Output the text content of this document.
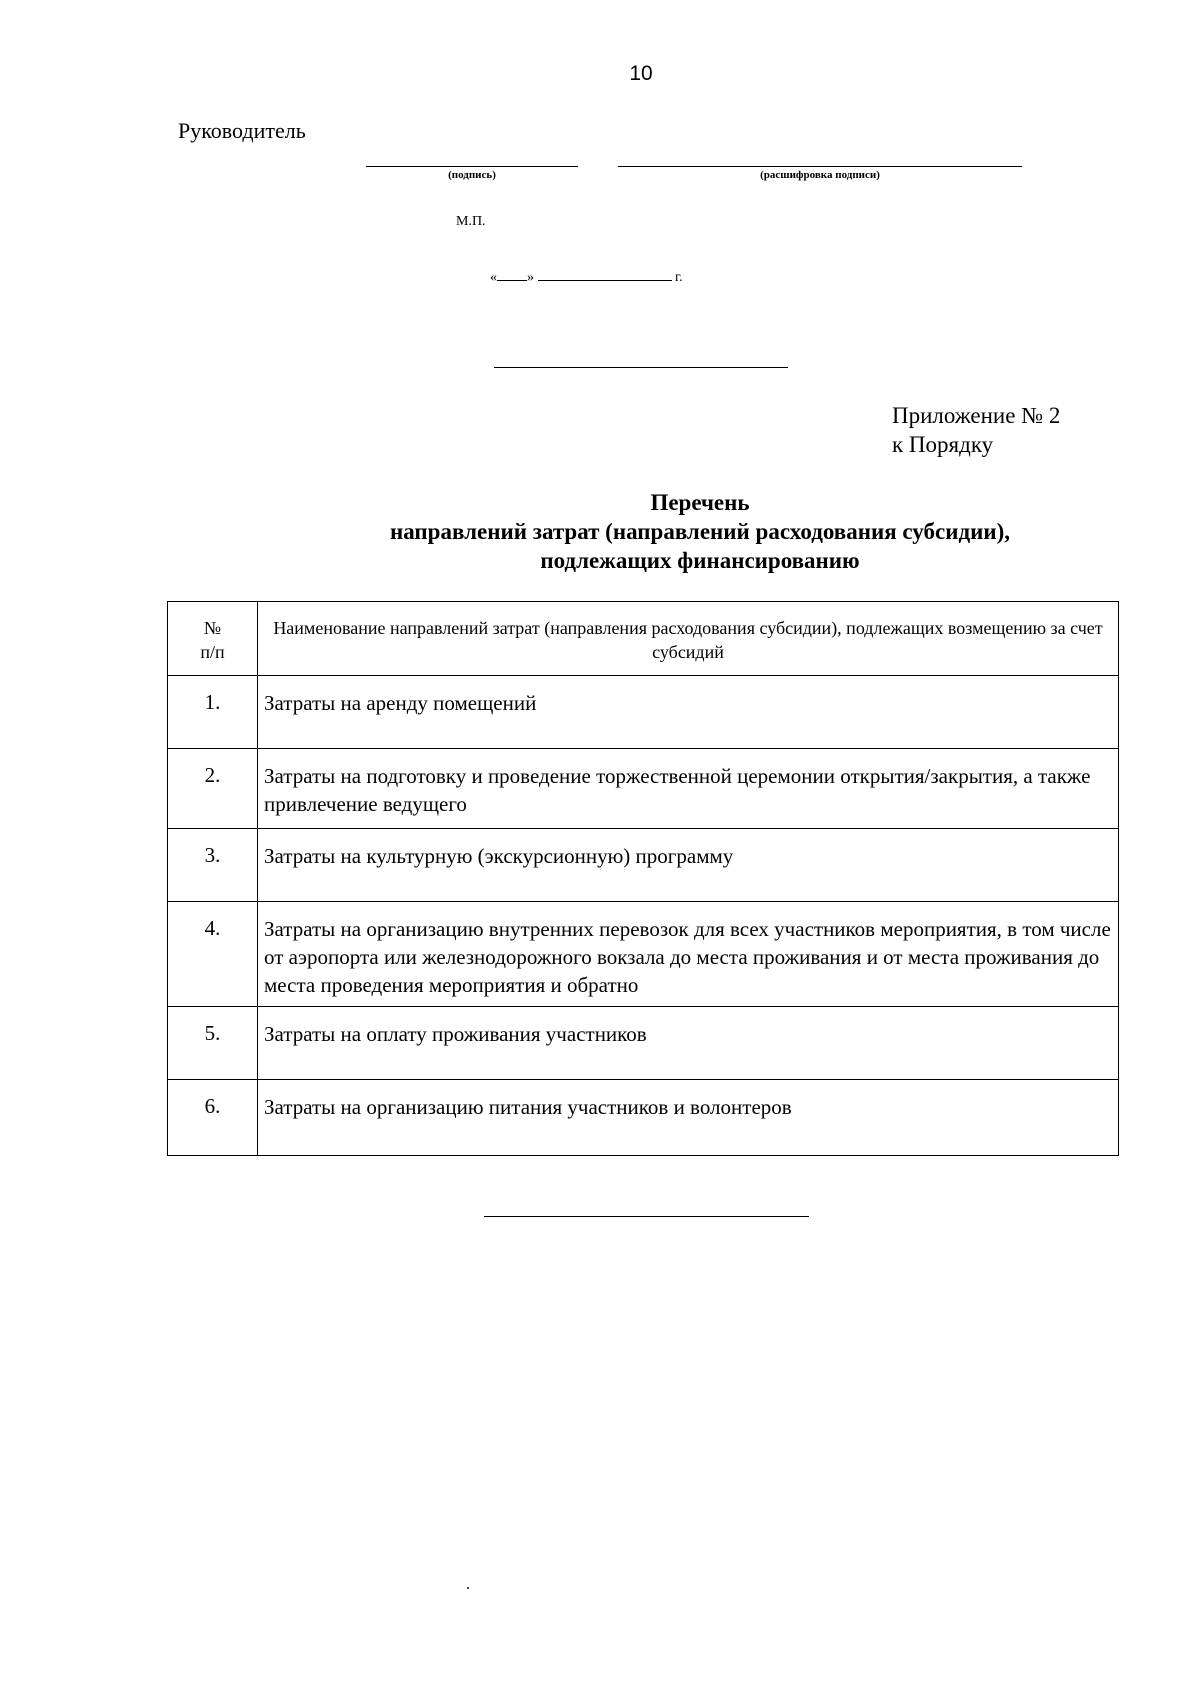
10
Руководитель
(подпись)	(расшифровка подписи)
М.П.
« »	г.
Приложение № 2
к Порядку
Перечень
направлений затрат (направлений расходования субсидии),
подлежащих финансированию
№
п/п	Наименование направлений затрат (направления расходования субсидии), подлежащих возмещению за счет субсидий
1.	Затраты на аренду помещений
2.	Затраты на подготовку и проведение торжественной церемонии открытия/закрытия, а также привлечение ведущего
3.	Затраты на культурную (экскурсионную) программу
4.	Затраты на организацию внутренних перевозок для всех участников мероприятия, в том числе от аэропорта или железнодорожного вокзала до места проживания и от места проживания до места проведения мероприятия и обратно
5.	Затраты на оплату проживания участников
6.	Затраты на организацию питания участников и волонтеров
